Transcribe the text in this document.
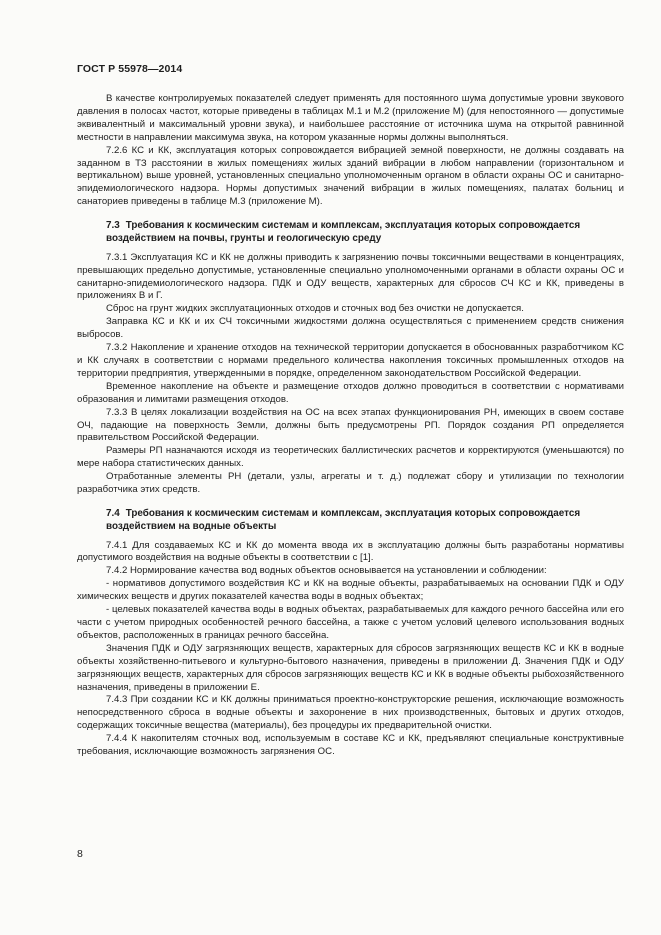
ГОСТ Р 55978—2014

В качестве контролируемых показателей следует применять для постоянного шума допустимые уровни звукового давления в полосах частот, которые приведены в таблицах М.1 и М.2 (приложение М) (для непостоянного — допустимые эквивалентный и максимальный уровни звука), и наибольшее расстояние от источника шума на открытой равнинной местности в направлении максимума звука, на котором указанные нормы должны выполняться.

7.2.6 КС и КК, эксплуатация которых сопровождается вибрацией земной поверхности, не должны создавать на заданном в ТЗ расстоянии в жилых помещениях жилых зданий вибрации в любом направлении (горизонтальном и вертикальном) выше уровней, установленных специально уполномоченным органом в области охраны ОС и санитарно-эпидемиологического надзора. Нормы допустимых значений вибрации в жилых помещениях, палатах больниц и санаториев приведены в таблице М.3 (приложение М).

7.3 Требования к космическим системам и комплексам, эксплуатация которых сопровождается воздействием на почвы, грунты и геологическую среду

7.3.1 Эксплуатация КС и КК не должны приводить к загрязнению почвы токсичными веществами в концентрациях, превышающих предельно допустимые, установленные специально уполномоченными органами в области охраны ОС и санитарно-эпидемиологического надзора. ПДК и ОДУ веществ, характерных для сбросов СЧ КС и КК, приведены в приложениях В и Г.

Сброс на грунт жидких эксплуатационных отходов и сточных вод без очистки не допускается.

Заправка КС и КК и их СЧ токсичными жидкостями должна осуществляться с применением средств снижения выбросов.

7.3.2 Накопление и хранение отходов на технической территории допускается в обоснованных разработчиком КС и КК случаях в соответствии с нормами предельного количества накопления токсичных промышленных отходов на территории предприятия, утвержденными в порядке, определенном законодательством Российской Федерации.

Временное накопление на объекте и размещение отходов должно проводиться в соответствии с нормативами образования и лимитами размещения отходов.

7.3.3 В целях локализации воздействия на ОС на всех этапах функционирования РН, имеющих в своем составе ОЧ, падающие на поверхность Земли, должны быть предусмотрены РП. Порядок создания РП определяется правительством Российской Федерации.

Размеры РП назначаются исходя из теоретических баллистических расчетов и корректируются (уменьшаются) по мере набора статистических данных.

Отработанные элементы РН (детали, узлы, агрегаты и т. д.) подлежат сбору и утилизации по технологии разработчика этих средств.

7.4 Требования к космическим системам и комплексам, эксплуатация которых сопровождается воздействием на водные объекты

7.4.1 Для создаваемых КС и КК до момента ввода их в эксплуатацию должны быть разработаны нормативы допустимого воздействия на водные объекты в соответствии с [1].

7.4.2 Нормирование качества вод водных объектов основывается на установлении и соблюдении:

- нормативов допустимого воздействия КС и КК на водные объекты, разрабатываемых на основании ПДК и ОДУ химических веществ и других показателей качества воды в водных объектах;

- целевых показателей качества воды в водных объектах, разрабатываемых для каждого речного бассейна или его части с учетом природных особенностей речного бассейна, а также с учетом условий целевого использования водных объектов, расположенных в границах речного бассейна.

Значения ПДК и ОДУ загрязняющих веществ, характерных для сбросов загрязняющих веществ КС и КК в водные объекты хозяйственно-питьевого и культурно-бытового назначения, приведены в приложении Д. Значения ПДК и ОДУ загрязняющих веществ, характерных для сбросов загрязняющих веществ КС и КК в водные объекты рыбохозяйственного назначения, приведены в приложении Е.

7.4.3 При создании КС и КК должны приниматься проектно-конструкторские решения, исключающие возможность непосредственного сброса в водные объекты и захоронение в них производственных, бытовых и других отходов, содержащих токсичные вещества (материалы), без процедуры их предварительной очистки.

7.4.4 К накопителям сточных вод, используемым в составе КС и КК, предъявляют специальные конструктивные требования, исключающие возможность загрязнения ОС.

8
